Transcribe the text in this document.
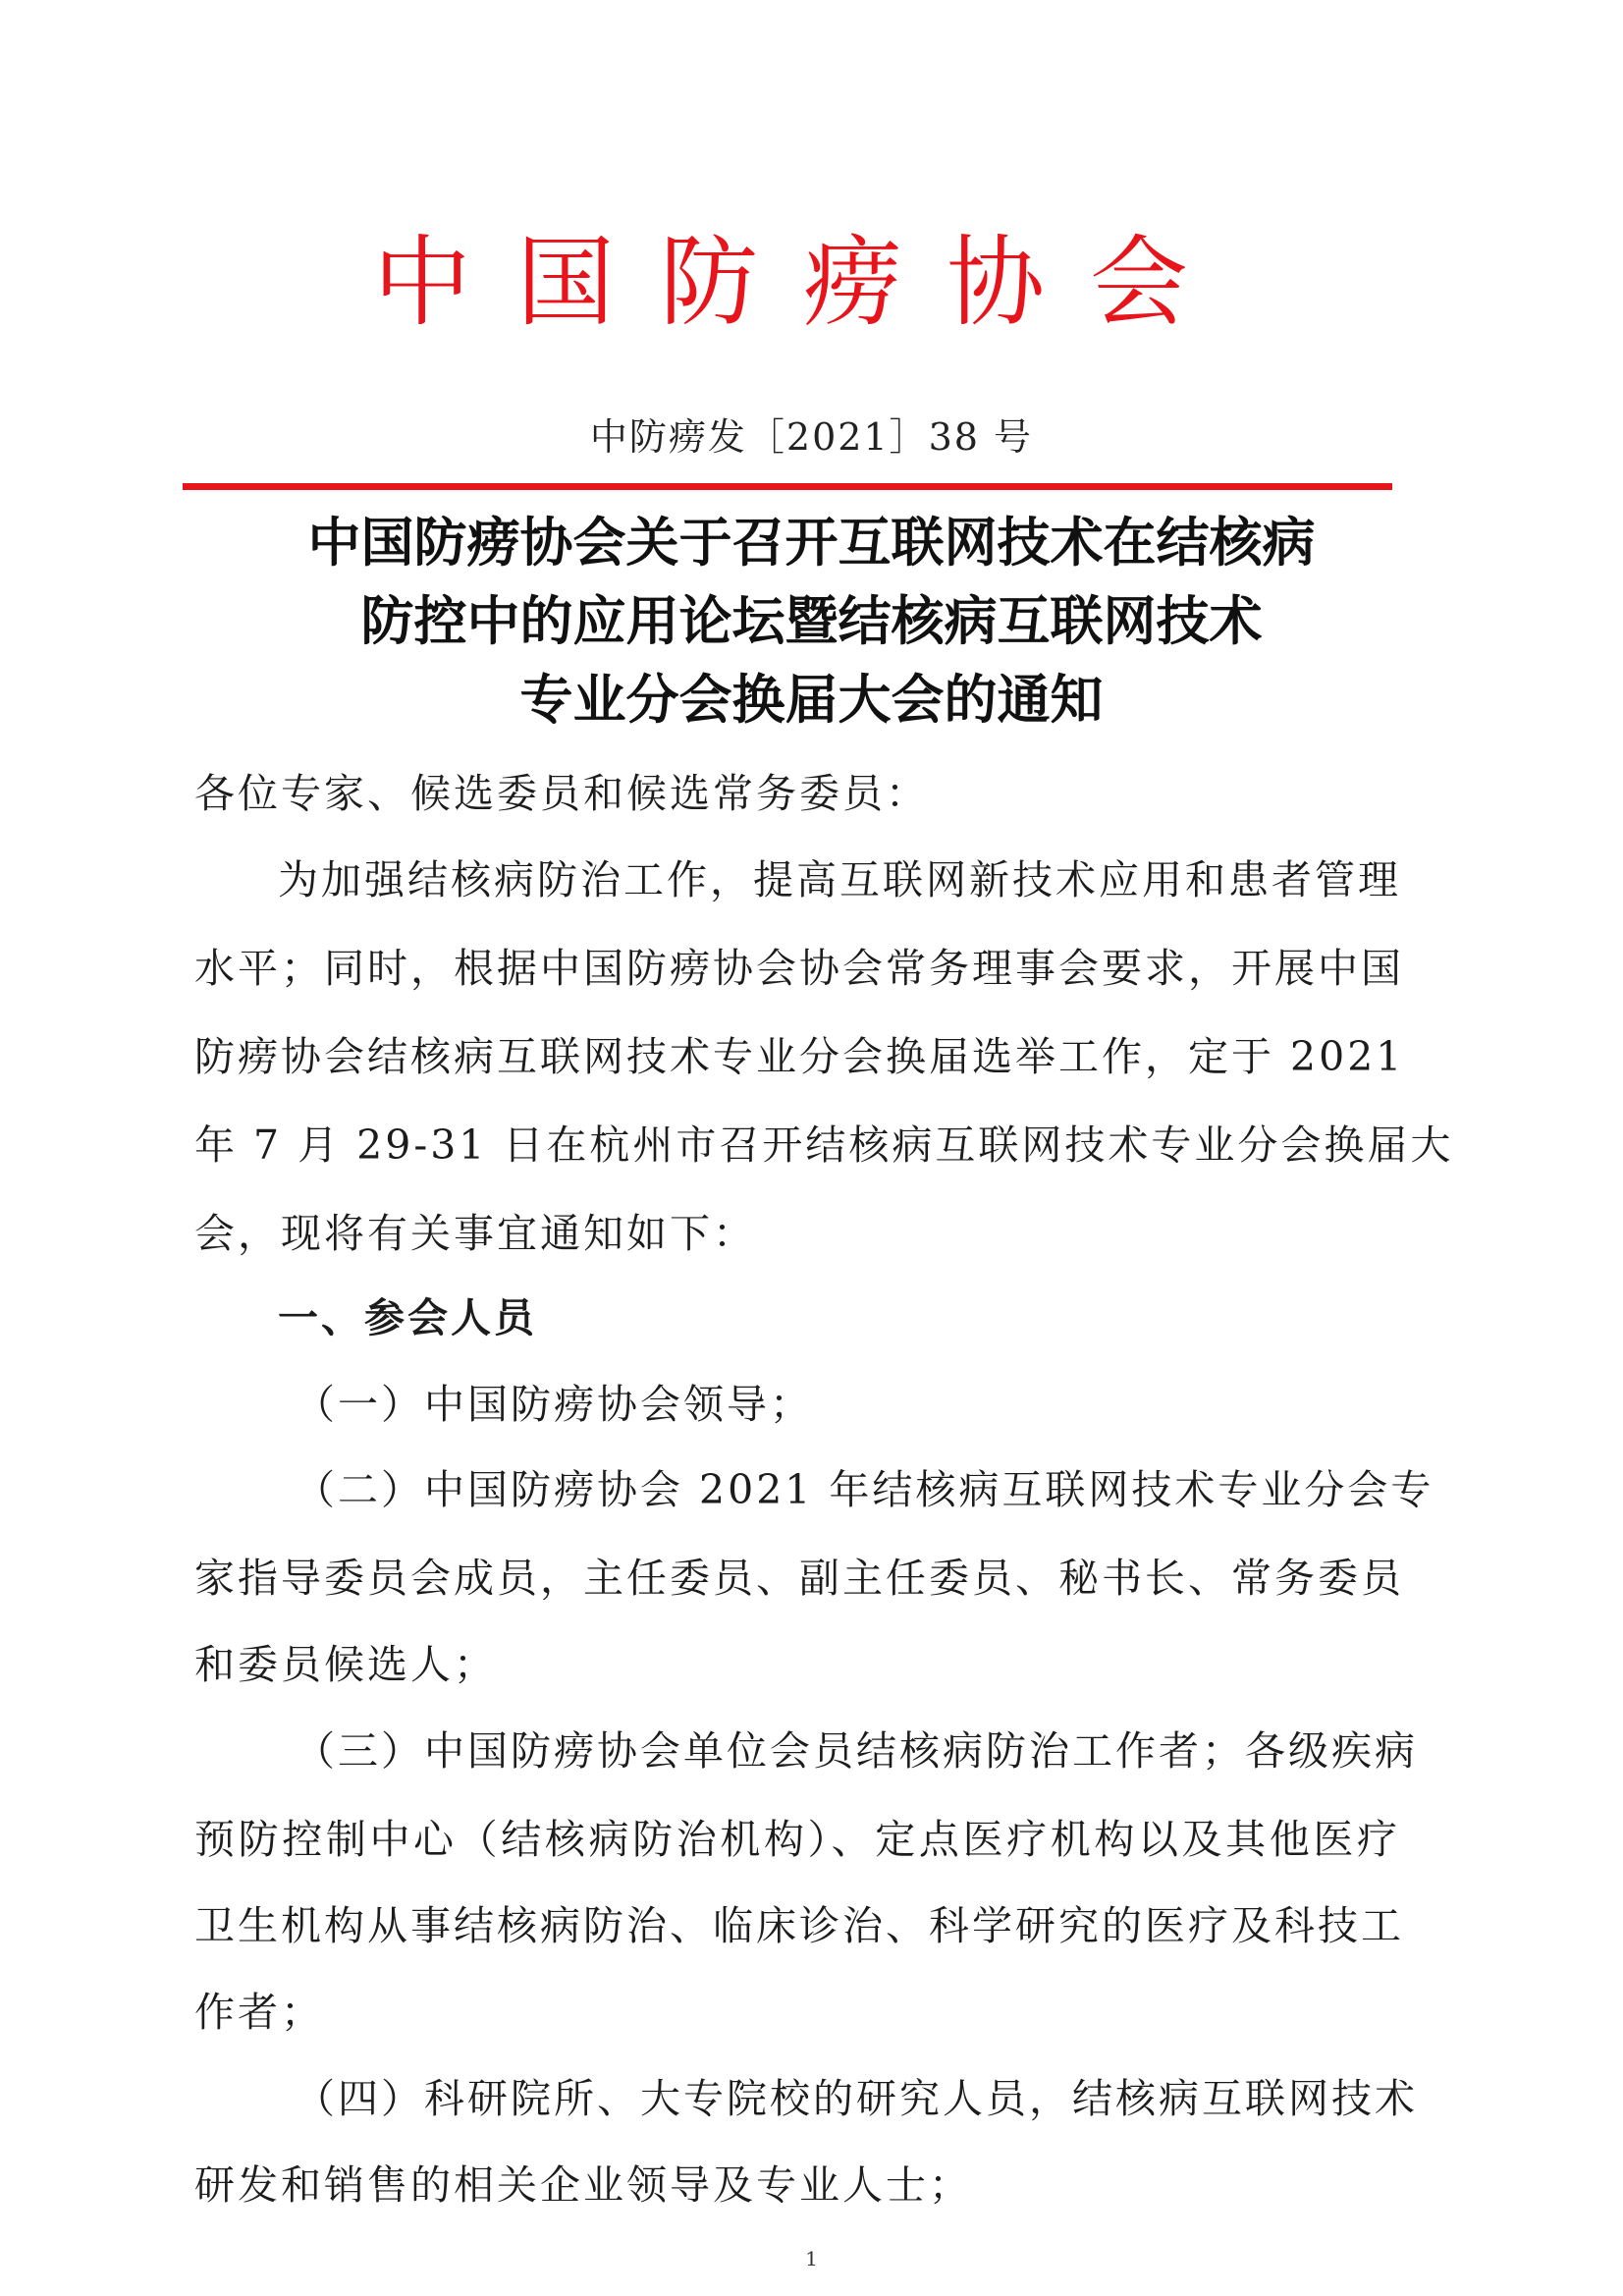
中国防痨协会
中防痨发［2021］38 号
中国防痨协会关于召开互联网技术在结核病
防控中的应用论坛暨结核病互联网技术
专业分会换届大会的通知
各位专家、候选委员和候选常务委员：
为加强结核病防治工作，提高互联网新技术应用和患者管理
水平；同时，根据中国防痨协会协会常务理事会要求，开展中国
防痨协会结核病互联网技术专业分会换届选举工作，定于 2021
年 7 月 29-31 日在杭州市召开结核病互联网技术专业分会换届大
会，现将有关事宜通知如下：
一、参会人员
（一）中国防痨协会领导；
（二）中国防痨协会 2021 年结核病互联网技术专业分会专
家指导委员会成员，主任委员、副主任委员、秘书长、常务委员
和委员候选人；
（三）中国防痨协会单位会员结核病防治工作者；各级疾病
预防控制中心（结核病防治机构）、定点医疗机构以及其他医疗
卫生机构从事结核病防治、临床诊治、科学研究的医疗及科技工
作者；
（四）科研院所、大专院校的研究人员，结核病互联网技术
研发和销售的相关企业领导及专业人士；
1
